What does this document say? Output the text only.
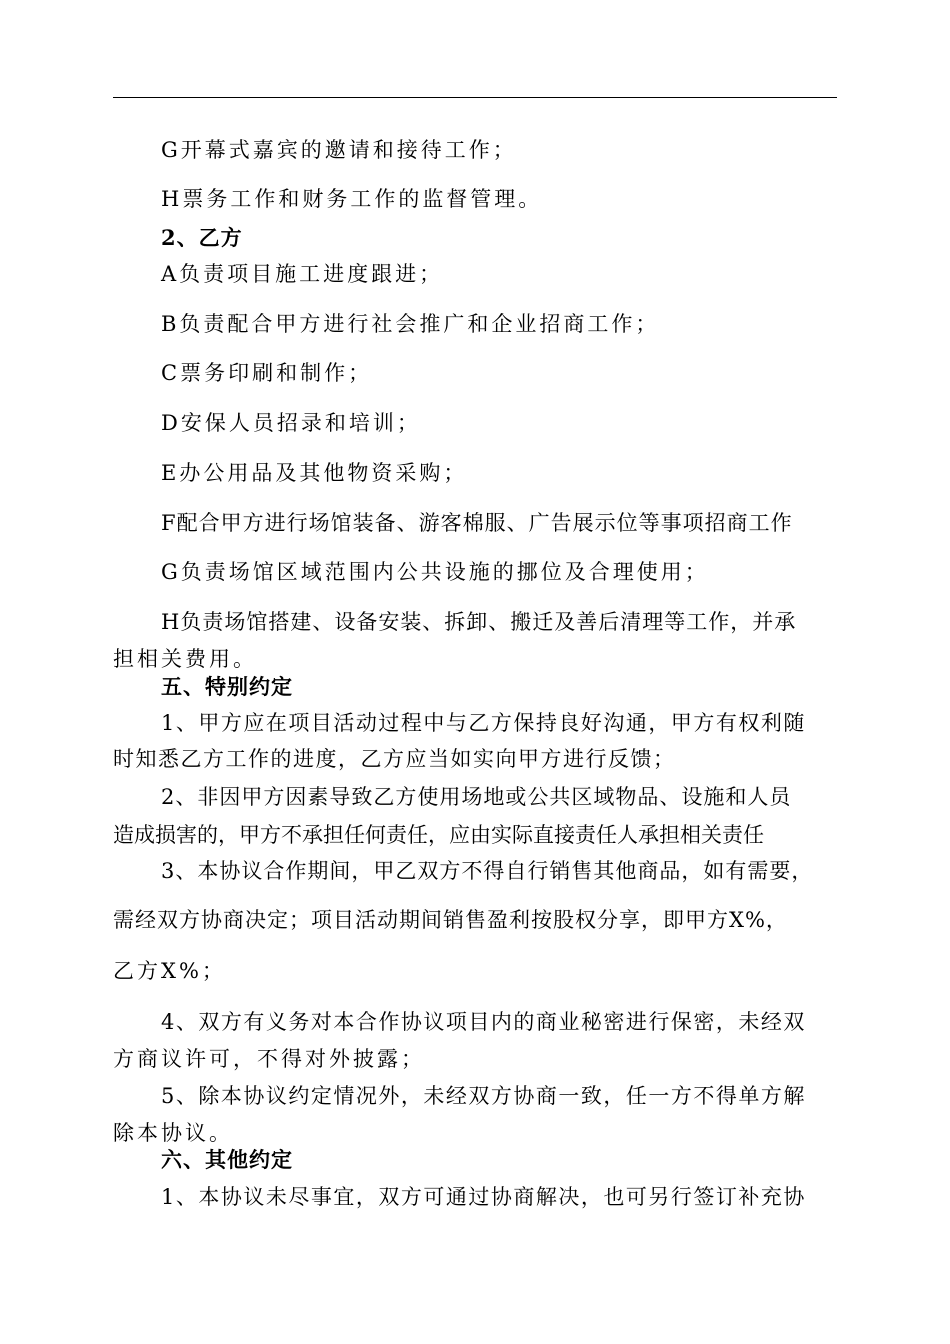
G开幕式嘉宾的邀请和接待工作；
H票务工作和财务工作的监督管理。
2、乙方
A负责项目施工进度跟进；
B负责配合甲方进行社会推广和企业招商工作；
C票务印刷和制作；
D安保人员招录和培训；
E办公用品及其他物资采购；
F配合甲方进行场馆装备、游客棉服、广告展示位等事项招商工作
G负责场馆区域范围内公共设施的挪位及合理使用；
H负责场馆搭建、设备安装、拆卸、搬迁及善后清理等工作，并承
担相关费用。
五、特别约定
1、甲方应在项目活动过程中与乙方保持良好沟通，甲方有权利随
时知悉乙方工作的进度，乙方应当如实向甲方进行反馈；
2、非因甲方因素导致乙方使用场地或公共区域物品、设施和人员
造成损害的，甲方不承担任何责任，应由实际直接责任人承担相关责任
3、本协议合作期间，甲乙双方不得自行销售其他商品，如有需要，
需经双方协商决定；项目活动期间销售盈利按股权分享，即甲方X%，
乙方X%；
4、双方有义务对本合作协议项目内的商业秘密进行保密，未经双
方商议许可，不得对外披露；
5、除本协议约定情况外，未经双方协商一致，任一方不得单方解
除本协议。
六、其他约定
1、本协议未尽事宜，双方可通过协商解决，也可另行签订补充协
